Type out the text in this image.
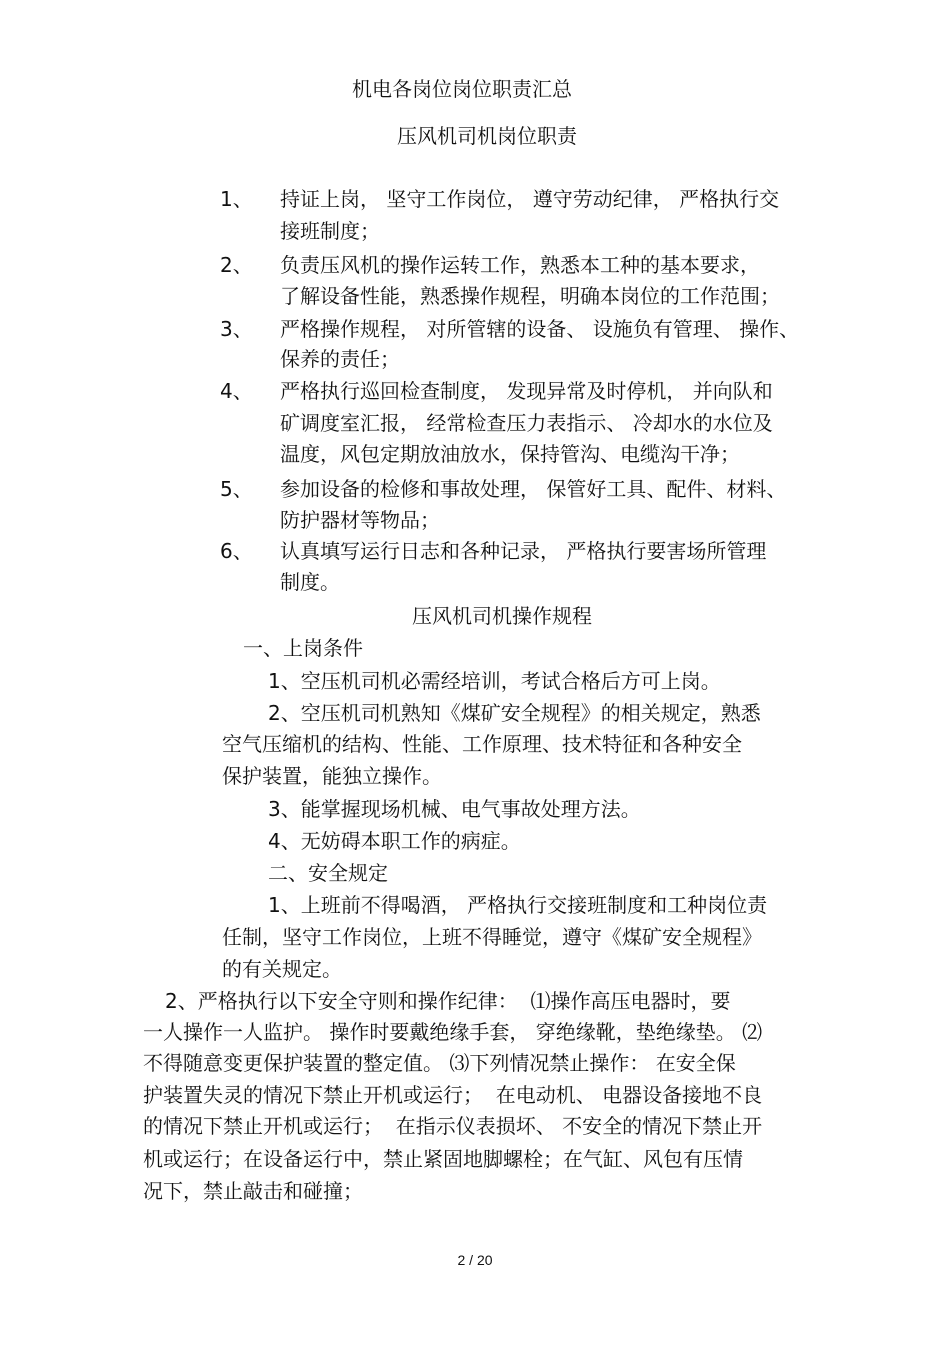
机电各岗位岗位职责汇总
压风机司机岗位职责
1、 持证上岗， 坚守工作岗位， 遵守劳动纪律， 严格执行交
接班制度；
2、 负责压风机的操作运转工作，熟悉本工种的基本要求，
了解设备性能，熟悉操作规程，明确本岗位的工作范围；
3、 严格操作规程， 对所管辖的设备、 设施负有管理、 操作、
保养的责任；
4、 严格执行巡回检查制度， 发现异常及时停机， 并向队和
矿调度室汇报， 经常检查压力表指示、 冷却水的水位及
温度，风包定期放油放水，保持管沟、电缆沟干净；
5、 参加设备的检修和事故处理， 保管好工具、配件、材料、
防护器材等物品；
6、 认真填写运行日志和各种记录， 严格执行要害场所管理
制度。
压风机司机操作规程
一、上岗条件
1、空压机司机必需经培训，考试合格后方可上岗。
2、空压机司机熟知《煤矿安全规程》的相关规定，熟悉
空气压缩机的结构、性能、工作原理、技术特征和各种安全
保护装置，能独立操作。
3、能掌握现场机械、电气事故处理方法。
4、无妨碍本职工作的病症。
二、安全规定
1、上班前不得喝酒， 严格执行交接班制度和工种岗位责
任制，坚守工作岗位，上班不得睡觉，遵守《煤矿安全规程》
的有关规定。
2、严格执行以下安全守则和操作纪律：  ⑴操作高压电器时，要
一人操作一人监护。 操作时要戴绝缘手套， 穿绝缘靴，垫绝缘垫。 ⑵
不得随意变更保护装置的整定值。 ⑶下列情况禁止操作： 在安全保
护装置失灵的情况下禁止开机或运行；  在电动机、 电器设备接地不良
的情况下禁止开机或运行；  在指示仪表损坏、 不安全的情况下禁止开
机或运行；在设备运行中，禁止紧固地脚螺栓；在气缸、风包有压情
况下，禁止敲击和碰撞；
2 / 20
